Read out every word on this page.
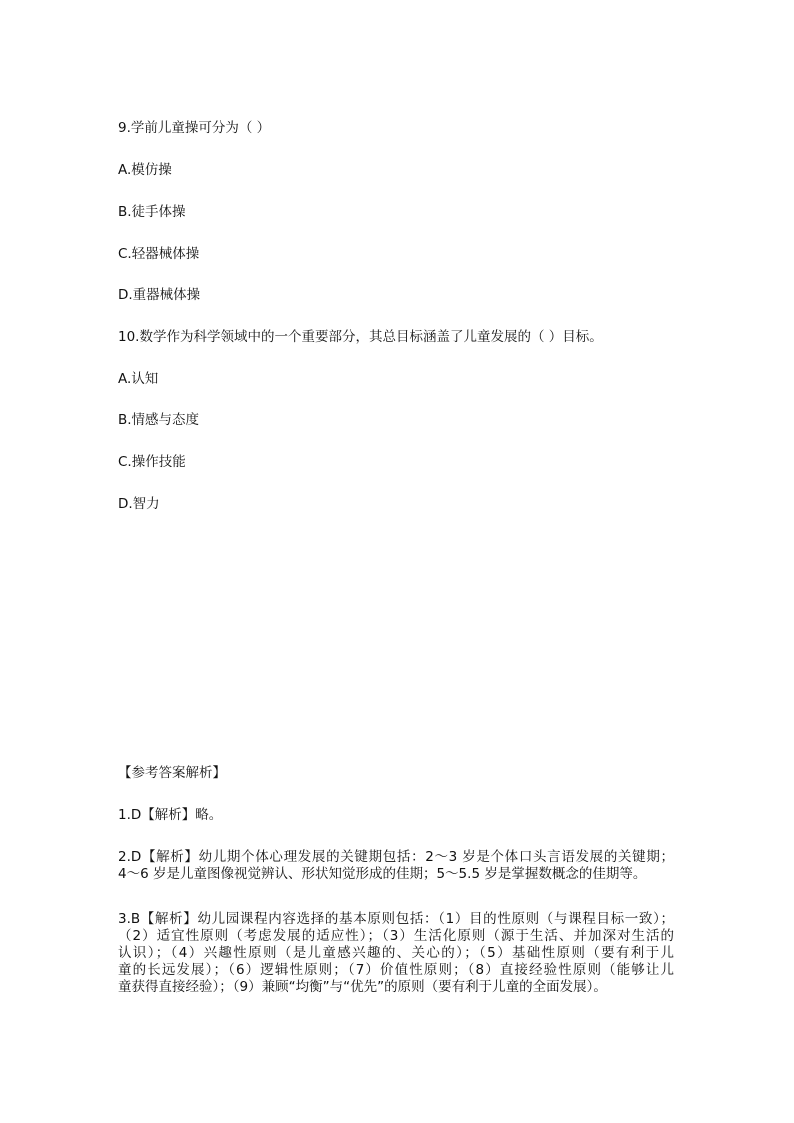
9.学前儿童操可分为（ ）
A.模仿操
B.徒手体操
C.轻器械体操
D.重器械体操
10.数学作为科学领域中的一个重要部分，其总目标涵盖了儿童发展的（ ）目标。
A.认知
B.情感与态度
C.操作技能
D.智力
【参考答案解析】
1.D【解析】略。
2.D【解析】幼儿期个体心理发展的关键期包括：2～3 岁是个体口头言语发展的关键期；
4～6 岁是儿童图像视觉辨认、形状知觉形成的佳期；5～5.5 岁是掌握数概念的佳期等。
3.B【解析】幼儿园课程内容选择的基本原则包括：（1）目的性原则（与课程目标一致）；
（2）适宜性原则（考虑发展的适应性）；（3）生活化原则（源于生活、并加深对生活的
认识）；（4）兴趣性原则（是儿童感兴趣的、关心的）；（5）基础性原则（要有利于儿
童的长远发展）；（6）逻辑性原则；（7）价值性原则；（8）直接经验性原则（能够让儿
童获得直接经验）；（9）兼顾“均衡”与“优先”的原则（要有利于儿童的全面发展）。
